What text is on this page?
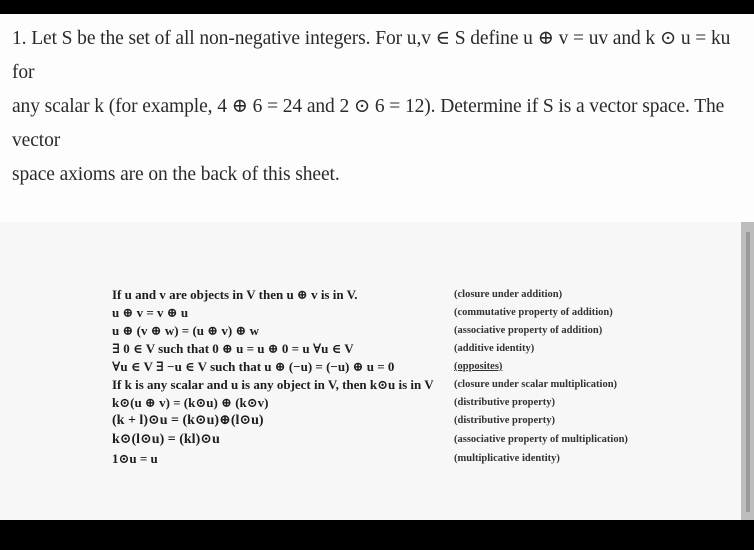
1. Let S be the set of all non-negative integers. For u,v ∈ S define u ⊕ v = uv and k ⊙ u = ku for

any scalar k (for example, 4 ⊕ 6 = 24 and 2 ⊙ 6 = 12). Determine if S is a vector space. The vector

space axioms are on the back of this sheet.

If u and v are objects in V then u ⊕ v is in V.	(closure under addition)
u ⊕ v = v ⊕ u	(commutative property of addition)
u ⊕ (v ⊕ w) = (u ⊕ v) ⊕ w	(associative property of addition)
∃ 0 ∈ V such that 0 ⊕ u = u ⊕ 0 = u ∀u ∈ V	(additive identity)
∀u ∈ V ∃ −u ∈ V such that u ⊕ (−u) = (−u) ⊕ u = 0	(opposites)
If k is any scalar and u is any object in V, then k⊙u is in V (closure under scalar multiplication)
k⊙(u ⊕ v) = (k⊙u) ⊕ (k⊙v)	(distributive property)
(k + l)⊙u = (k⊙u)⊕(l⊙u)	(distributive property)
k⊙(l⊙u) = (kl)⊙u	(associative property of multiplication)
1⊙u = u	(multiplicative identity)
